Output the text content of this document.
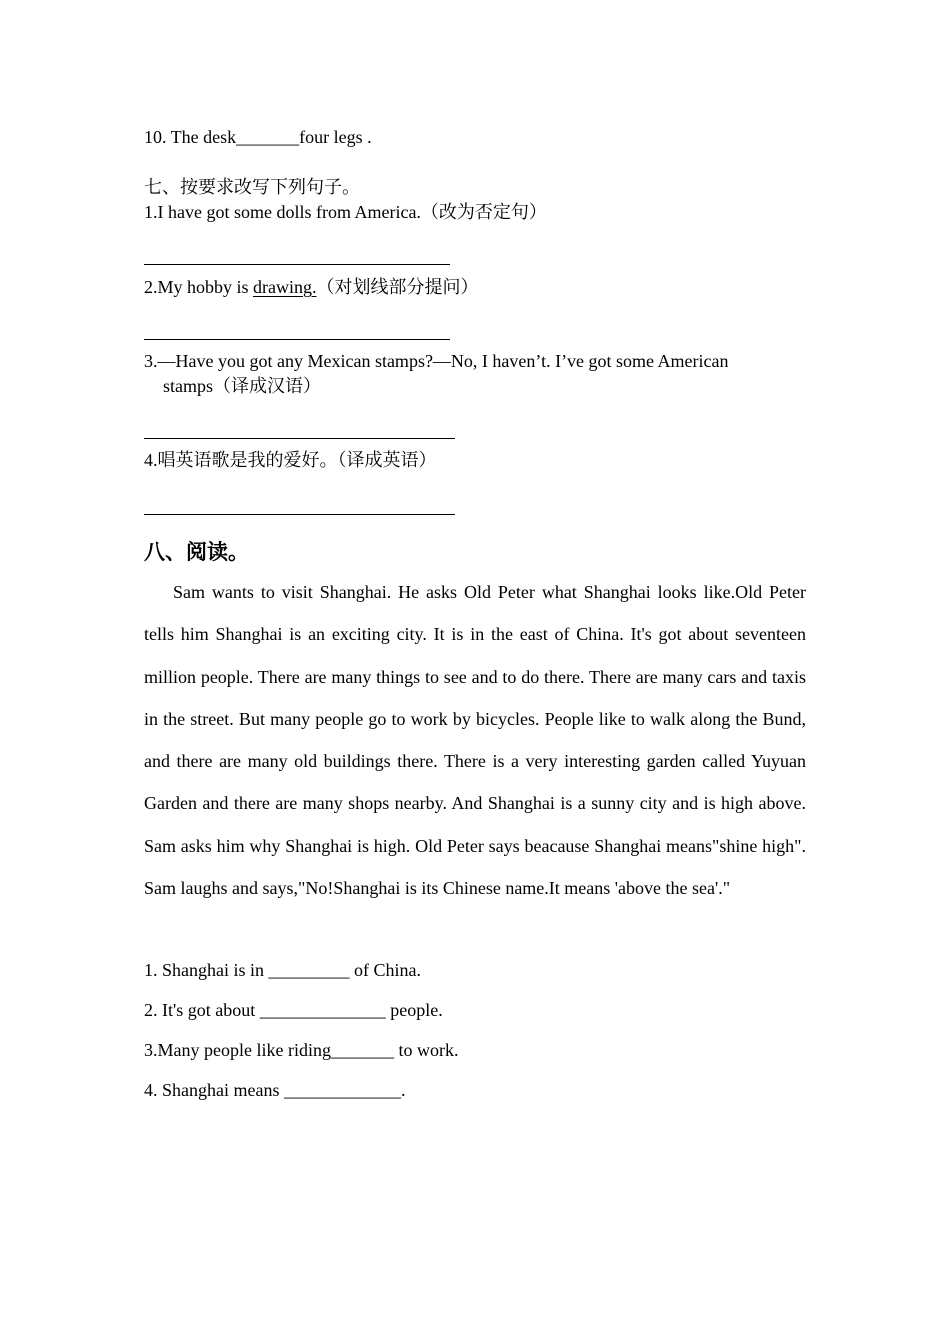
10. The desk_______four legs .
七、按要求改写下列句子。
1.I have got some dolls from America.（改为否定句）
2.My hobby is drawing.（对划线部分提问）
3.—Have you got any Mexican stamps?—No, I haven’t. I’ve got some American
stamps（译成汉语）
4.唱英语歌是我的爱好。（译成英语）
八、阅读。

Sam wants to visit Shanghai. He asks Old Peter what Shanghai looks like.Old Peter tells him Shanghai is an exciting city. It is in the east of China. It's got about seventeen million people. There are many things to see and to do there. There are many cars and taxis in the street. But many people go to work by bicycles. People like to walk along the Bund, and there are many old buildings there. There is a very interesting garden called Yuyuan Garden and there are many shops nearby. And Shanghai is a sunny city and is high above. Sam asks him why Shanghai is high. Old Peter says beacause Shanghai means"shine high". Sam laughs and says,"No!Shanghai is its Chinese name.It means 'above the sea'."

1. Shanghai is in _________ of China.
2. It's got about ______________ people.
3.Many people like riding_______ to work.
4. Shanghai means _____________.
